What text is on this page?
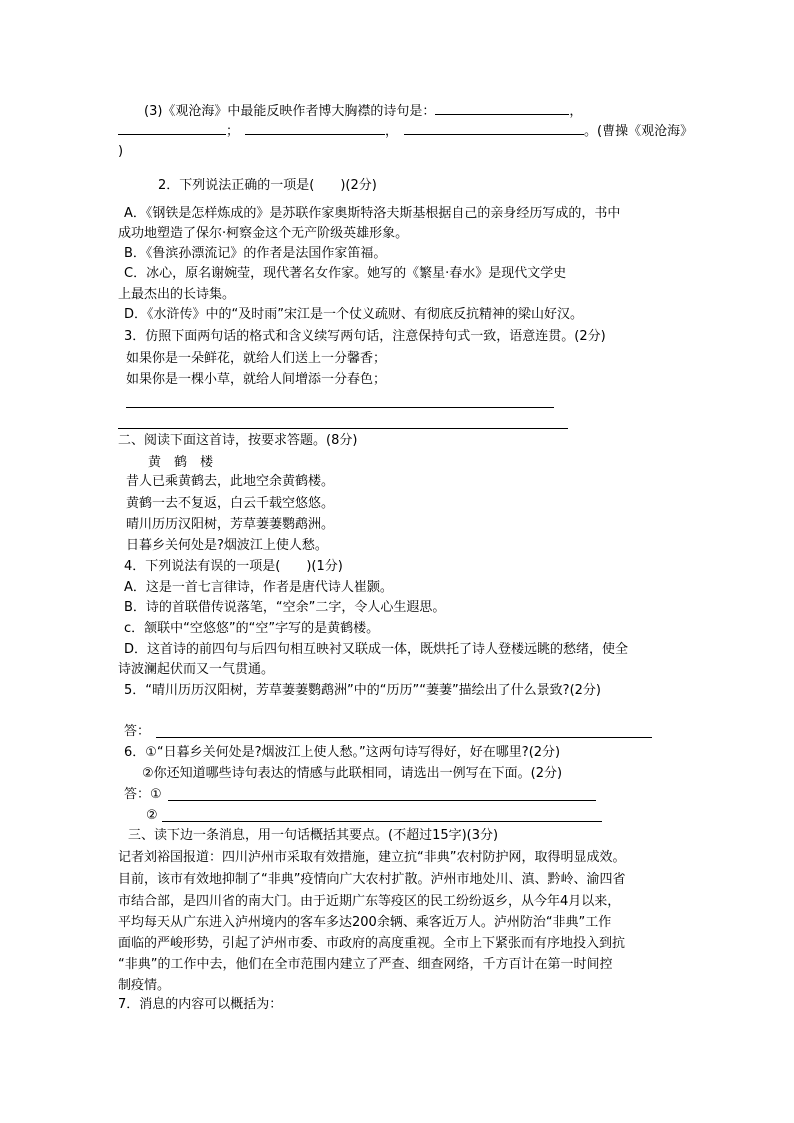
(3)《观沧海》中最能反映作者博大胸襟的诗句是：	，
；	，	。(曹操《观沧海》
)
2．下列说法正确的一项是(　　)(2分)
A．《钢铁是怎样炼成的》是苏联作家奥斯特洛夫斯基根据自己的亲身经历写成的，书中
成功地塑造了保尔·柯察金这个无产阶级英雄形象。
B．《鲁滨孙漂流记》的作者是法国作家笛福。
C．冰心，原名谢婉莹，现代著名女作家。她写的《繁星·春水》是现代文学史
上最杰出的长诗集。
D．《水浒传》中的“及时雨”宋江是一个仗义疏财、有彻底反抗精神的梁山好汉。
3．仿照下面两句话的格式和含义续写两句话，注意保持句式一致，语意连贯。(2分)
如果你是一朵鲜花，就给人们送上一分馨香；
如果你是一棵小草，就给人间增添一分春色；
二、阅读下面这首诗，按要求答题。(8分)
黄　鹤　楼
昔人已乘黄鹤去，此地空余黄鹤楼。
黄鹤一去不复返，白云千载空悠悠。
晴川历历汉阳树，芳草萋萋鹦鹉洲。
日暮乡关何处是?烟波江上使人愁。
4．下列说法有误的一项是(　　)(1分)
A．这是一首七言律诗，作者是唐代诗人崔颢。
B．诗的首联借传说落笔，“空余”二字，令人心生遐思。
c．颔联中“空悠悠”的“空”字写的是黄鹤楼。
D．这首诗的前四句与后四句相互映衬又联成一体，既烘托了诗人登楼远眺的愁绪，使全
诗波澜起伏而又一气贯通。
5．“晴川历历汉阳树，芳草萋萋鹦鹉洲”中的“历历”“萋萋”描绘出了什么景致?(2分)
答：
6．①“日暮乡关何处是?烟波江上使人愁。”这两句诗写得好，好在哪里?(2分)
②你还知道哪些诗句表达的情感与此联相同，请选出一例写在下面。(2分)
答：①
②
三、读下边一条消息，用一句话概括其要点。(不超过15字)(3分)
记者刘裕国报道：四川泸州市采取有效措施，建立抗“非典”农村防护网，取得明显成效。
目前，该市有效地抑制了“非典”疫情向广大农村扩散。泸州市地处川、滇、黔岭、渝四省
市结合部，是四川省的南大门。由于近期广东等疫区的民工纷纷返乡，从今年4月以来，
平均每天从广东进入泸州境内的客车多达200余辆、乘客近万人。泸州防治“非典”工作
面临的严峻形势，引起了泸州市委、市政府的高度重视。全市上下紧张而有序地投入到抗
“非典”的工作中去，他们在全市范围内建立了严查、细查网络，千方百计在第一时间控
制疫情。
7．消息的内容可以概括为：
